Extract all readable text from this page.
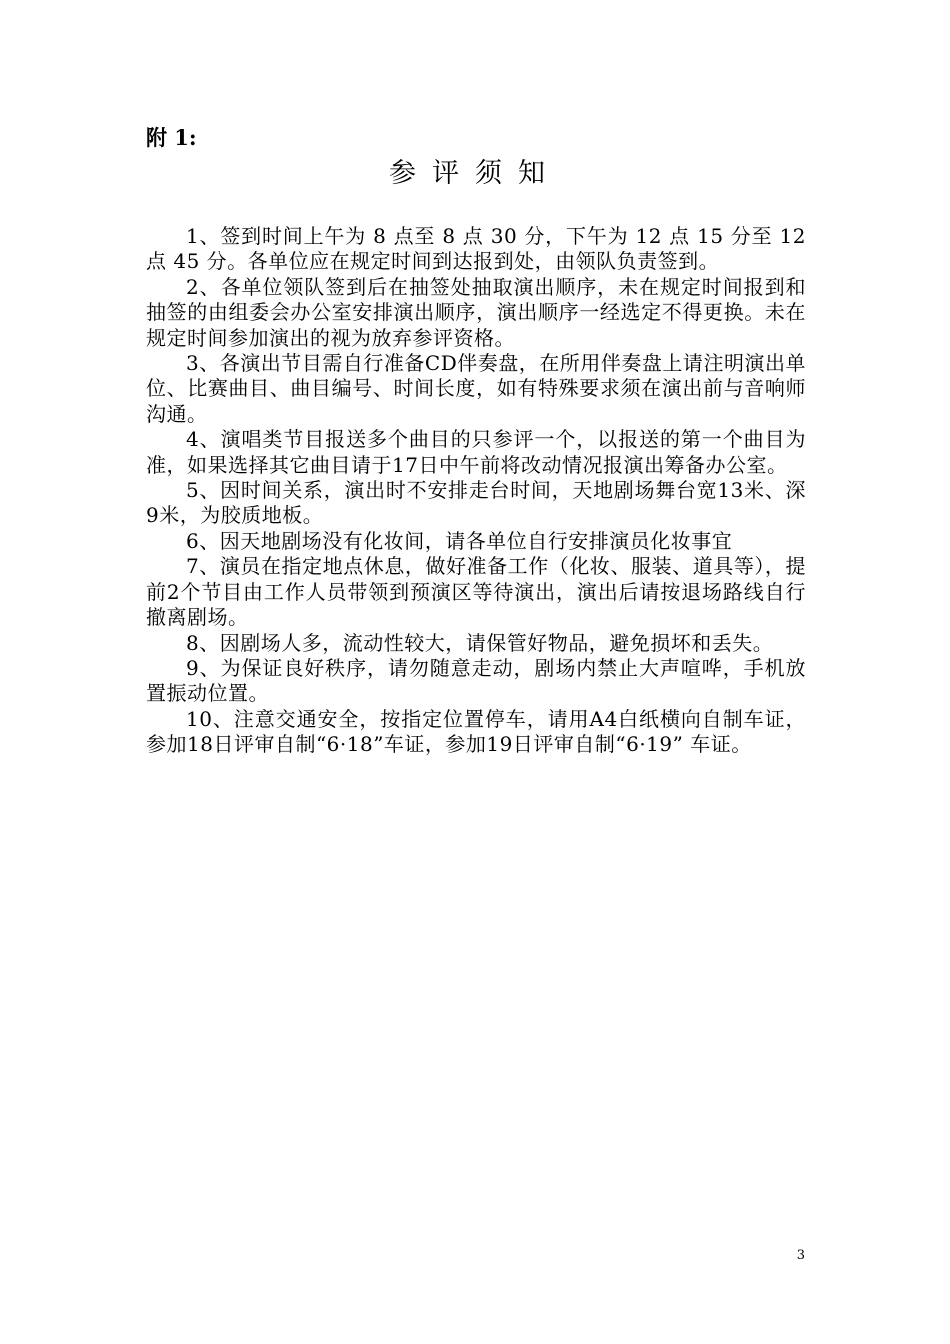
附 1:
参评须知

1、签到时间上午为 8 点至 8 点 30 分，下午为 12 点 15 分至 12 点 45 分。各单位应在规定时间到达报到处，由领队负责签到。

2、各单位领队签到后在抽签处抽取演出顺序，未在规定时间报到和抽签的由组委会办公室安排演出顺序，演出顺序一经选定不得更换。未在规定时间参加演出的视为放弃参评资格。

3、各演出节目需自行准备CD伴奏盘，在所用伴奏盘上请注明演出单位、比赛曲目、曲目编号、时间长度，如有特殊要求须在演出前与音响师沟通。

4、演唱类节目报送多个曲目的只参评一个，以报送的第一个曲目为准，如果选择其它曲目请于17日中午前将改动情况报演出筹备办公室。

5、因时间关系，演出时不安排走台时间，天地剧场舞台宽13米、深9米，为胶质地板。

6、因天地剧场没有化妆间，请各单位自行安排演员化妆事宜

7、演员在指定地点休息，做好准备工作（化妆、服装、道具等），提前2个节目由工作人员带领到预演区等待演出，演出后请按退场路线自行撤离剧场。

8、因剧场人多，流动性较大，请保管好物品，避免损坏和丢失。

9、为保证良好秩序，请勿随意走动，剧场内禁止大声喧哗，手机放置振动位置。

10、注意交通安全，按指定位置停车，请用A4白纸横向自制车证，参加18日评审自制“6·18”车证，参加19日评审自制“6·19” 车证。

3
